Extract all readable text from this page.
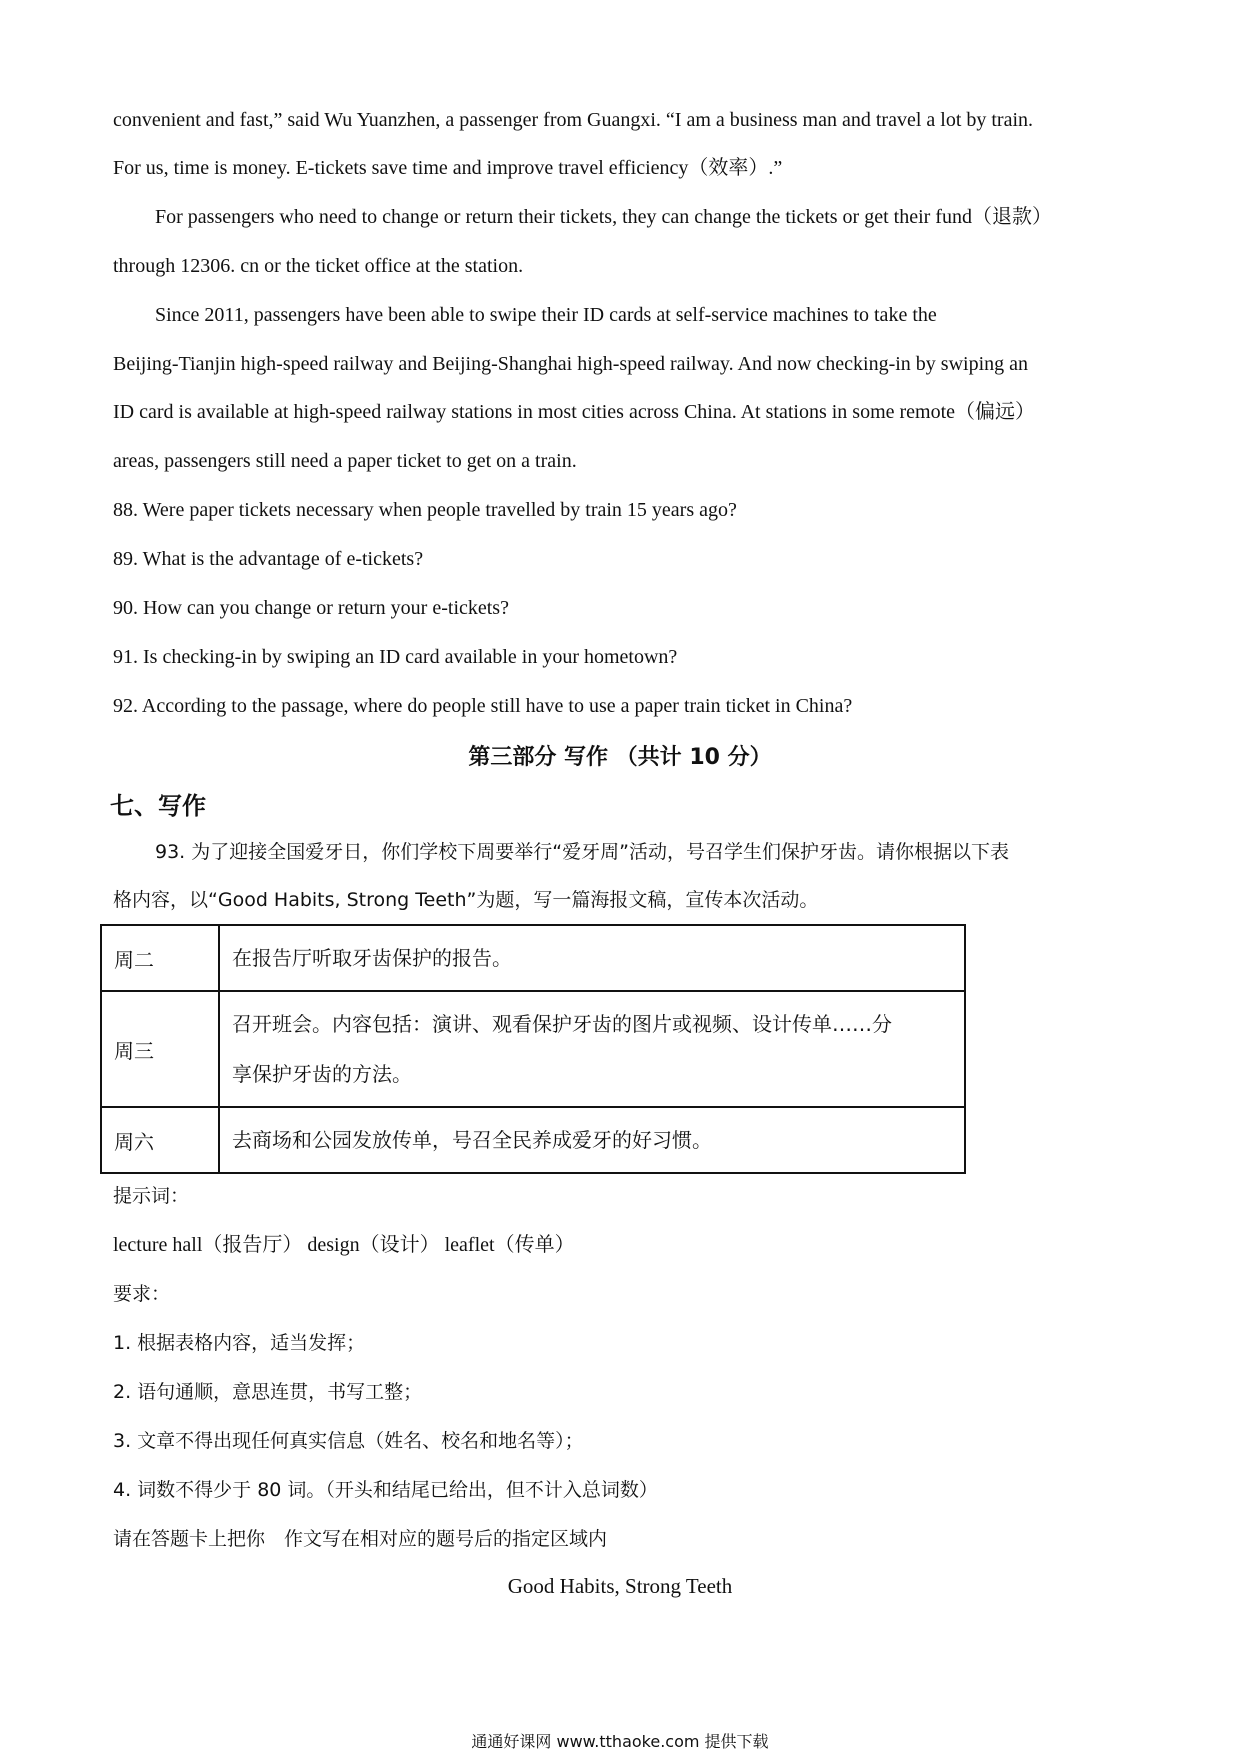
convenient and fast,” said Wu Yuanzhen, a passenger from Guangxi. “I am a business man and travel a lot by train.
For us, time is money. E-tickets save time and improve travel efficiency（效率）.”
For passengers who need to change or return their tickets, they can change the tickets or get their fund（退款）
through 12306. cn or the ticket office at the station.
Since 2011, passengers have been able to swipe their ID cards at self-service machines to take the
Beijing-Tianjin high-speed railway and Beijing-Shanghai high-speed railway. And now checking-in by swiping an
ID card is available at high-speed railway stations in most cities across China. At stations in some remote（偏远）
areas, passengers still need a paper ticket to get on a train.
88. Were paper tickets necessary when people travelled by train 15 years ago?
89. What is the advantage of e-tickets?
90. How can you change or return your e-tickets?
91. Is checking-in by swiping an ID card available in your hometown?
92. According to the passage, where do people still have to use a paper train ticket in China?
第三部分 写作 （共计 10 分）
七、写作
93. 为了迎接全国爱牙日，你们学校下周要举行“爱牙周”活动，号召学生们保护牙齿。请你根据以下表
格内容，以“Good Habits, Strong Teeth”为题，写一篇海报文稿，宣传本次活动。
周二	在报告厅听取牙齿保护的报告。

周三	召开班会。内容包括：演讲、观看保护牙齿的图片或视频、设计传单……分
享保护牙齿的方法。

周六	去商场和公园发放传单，号召全民养成爱牙的好习惯。
提示词：
lecture hall（报告厅） design（设计） leaflet（传单）
要求：
1. 根据表格内容，适当发挥；
2. 语句通顺，意思连贯，书写工整；
3. 文章不得出现任何真实信息（姓名、校名和地名等）；
4. 词数不得少于 80 词。（开头和结尾已给出，但不计入总词数）
请在答题卡上把你　作文写在相对应的题号后的指定区域内
Good Habits, Strong Teeth
通通好课网 www.tthaoke.com 提供下载
